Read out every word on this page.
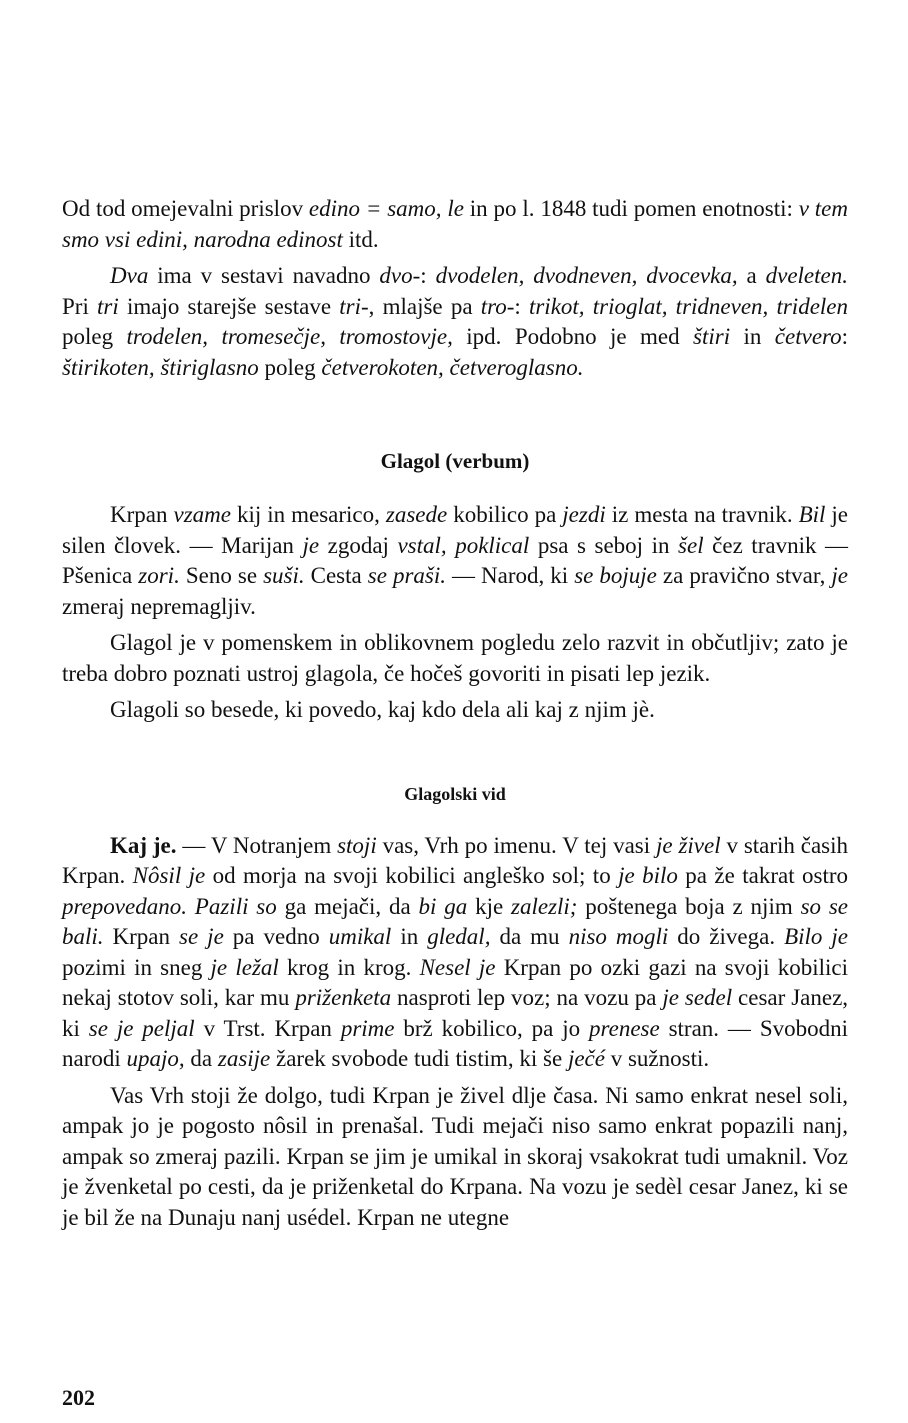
Od tod omejevalni prislov edino = samo, le in po l. 1848 tudi pomen enotnosti: v tem smo vsi edini, narodna edinost itd.

Dva ima v sestavi navadno dvo-: dvodelen, dvodneven, dvocevka, a dveleten. Pri tri imajo starejše sestave tri-, mlajše pa tro-: trikot, trioglat, tridneven, tridelen poleg trodelen, tromesečje, tromostovje, ipd. Podobno je med štiri in četvero: štirikoten, štiriglasno poleg četverokoten, četveroglasno.

Glagol (verbum)

Krpan vzame kij in mesarico, zasede kobilico pa jezdi iz mesta na travnik. Bil je silen človek. — Marijan je zgodaj vstal, poklical psa s seboj in šel čez travnik — Pšenica zori. Seno se suši. Cesta se praši. — Narod, ki se bojuje za pravično stvar, je zmeraj nepremagljiv.

Glagol je v pomenskem in oblikovnem pogledu zelo razvit in občutljiv; zato je treba dobro poznati ustroj glagola, če hočeš govoriti in pisati lep jezik.

Glagoli so besede, ki povedo, kaj kdo dela ali kaj z njim jè.

Glagolski vid

Kaj je. — V Notranjem stoji vas, Vrh po imenu. V tej vasi je živel v starih časih Krpan. Nôsil je od morja na svoji kobilici angleško sol; to je bilo pa že takrat ostro prepovedano. Pazili so ga mejači, da bi ga kje zalezli; poštenega boja z njim so se bali. Krpan se je pa vedno umikal in gledal, da mu niso mogli do živega. Bilo je pozimi in sneg je ležal krog in krog. Nesel je Krpan po ozki gazi na svoji kobilici nekaj stotov soli, kar mu priženketa nasproti lep voz; na vozu pa je sedel cesar Janez, ki se je peljal v Trst. Krpan prime brž kobilico, pa jo prenese stran. — Svobodni narodi upajo, da zasije žarek svobode tudi tistim, ki še ječé v sužnosti.

Vas Vrh stoji že dolgo, tudi Krpan je živel dlje časa. Ni samo enkrat nesel soli, ampak jo je pogosto nôsil in prenašal. Tudi mejači niso samo enkrat popazili nanj, ampak so zmeraj pazili. Krpan se jim je umikal in skoraj vsakokrat tudi umaknil. Voz je žvenketal po cesti, da je priženketal do Krpana. Na vozu je sedèl cesar Janez, ki se je bil že na Dunaju nanj usédel. Krpan ne utegne

202
